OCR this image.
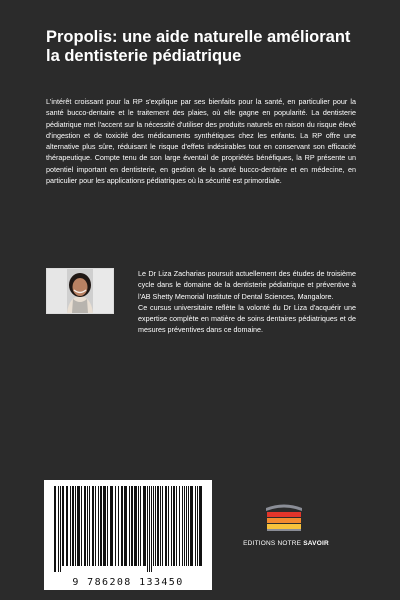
Propolis: une aide naturelle améliorant la dentisterie pédiatrique

L'intérêt croissant pour la RP s'explique par ses bienfaits pour la santé, en particulier pour la santé bucco-dentaire et le traitement des plaies, où elle gagne en popularité. La dentisterie pédiatrique met l'accent sur la nécessité d'utiliser des produits naturels en raison du risque élevé d'ingestion et de toxicité des médicaments synthétiques chez les enfants. La RP offre une alternative plus sûre, réduisant le risque d'effets indésirables tout en conservant son efficacité thérapeutique. Compte tenu de son large éventail de propriétés bénéfiques, la RP présente un potentiel important en dentisterie, en gestion de la santé bucco-dentaire et en médecine, en particulier pour les applications pédiatriques où la sécurité est primordiale.

Le Dr Liza Zacharias poursuit actuellement des études de troisième cycle dans le domaine de la dentisterie pédiatrique et préventive à l'AB Shetty Memorial Institute of Dental Sciences, Mangalore.

Ce cursus universitaire reflète la volonté du Dr Liza d'acquérir une expertise complète en matière de soins dentaires pédiatriques et de mesures préventives dans ce domaine.

9 786208 133450
EDITIONS NOTRE SAVOIR
